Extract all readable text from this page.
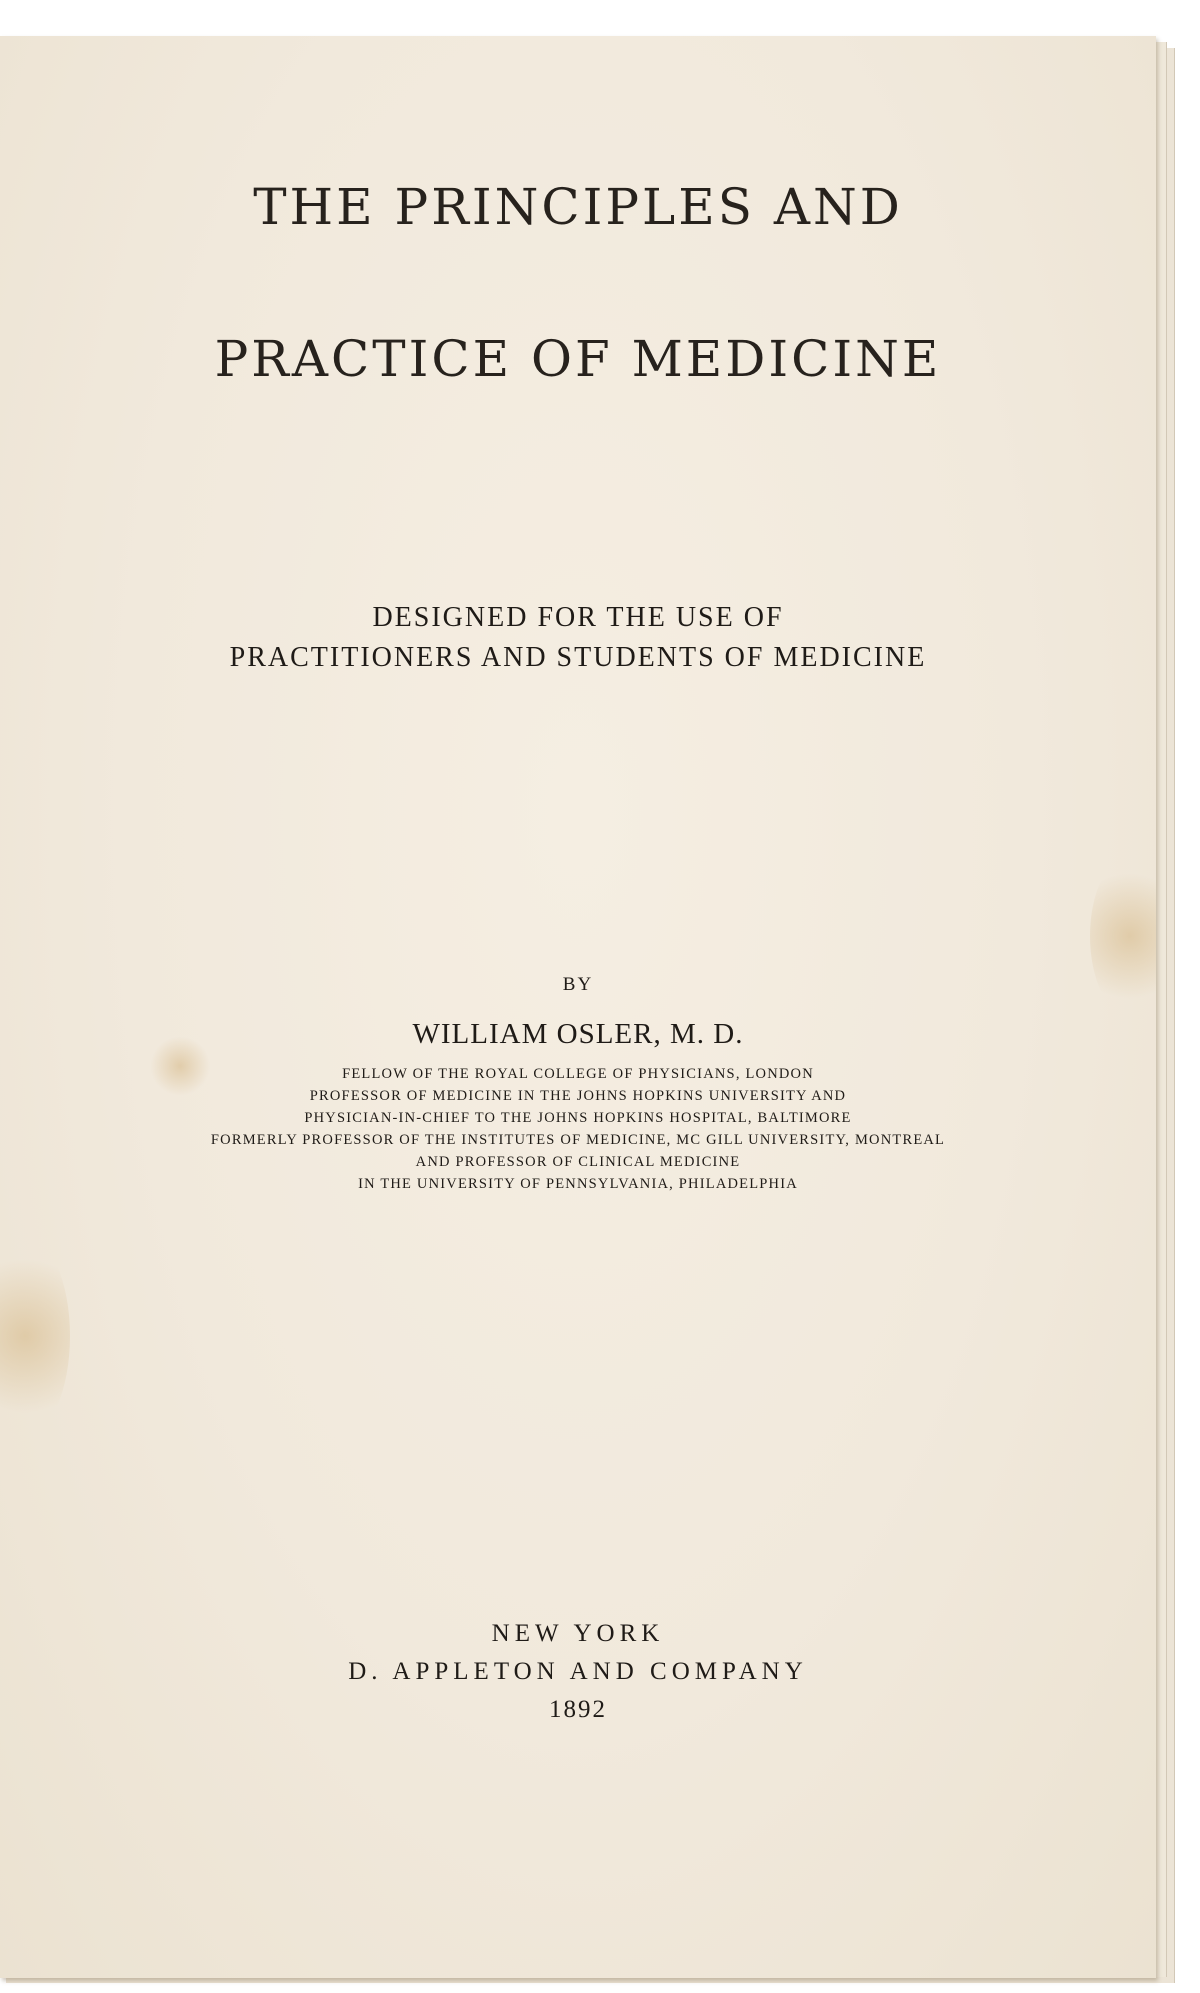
THE PRINCIPLES AND
PRACTICE OF MEDICINE

DESIGNED FOR THE USE OF

PRACTITIONERS AND STUDENTS OF MEDICINE

BY

WILLIAM OSLER, M. D.

FELLOW OF THE ROYAL COLLEGE OF PHYSICIANS, LONDON

PROFESSOR OF MEDICINE IN THE JOHNS HOPKINS UNIVERSITY AND

PHYSICIAN-IN-CHIEF TO THE JOHNS HOPKINS HOSPITAL, BALTIMORE

FORMERLY PROFESSOR OF THE INSTITUTES OF MEDICINE, MC GILL UNIVERSITY, MONTREAL

AND PROFESSOR OF CLINICAL MEDICINE

IN THE UNIVERSITY OF PENNSYLVANIA, PHILADELPHIA

NEW YORK

D. APPLETON AND COMPANY

1892
